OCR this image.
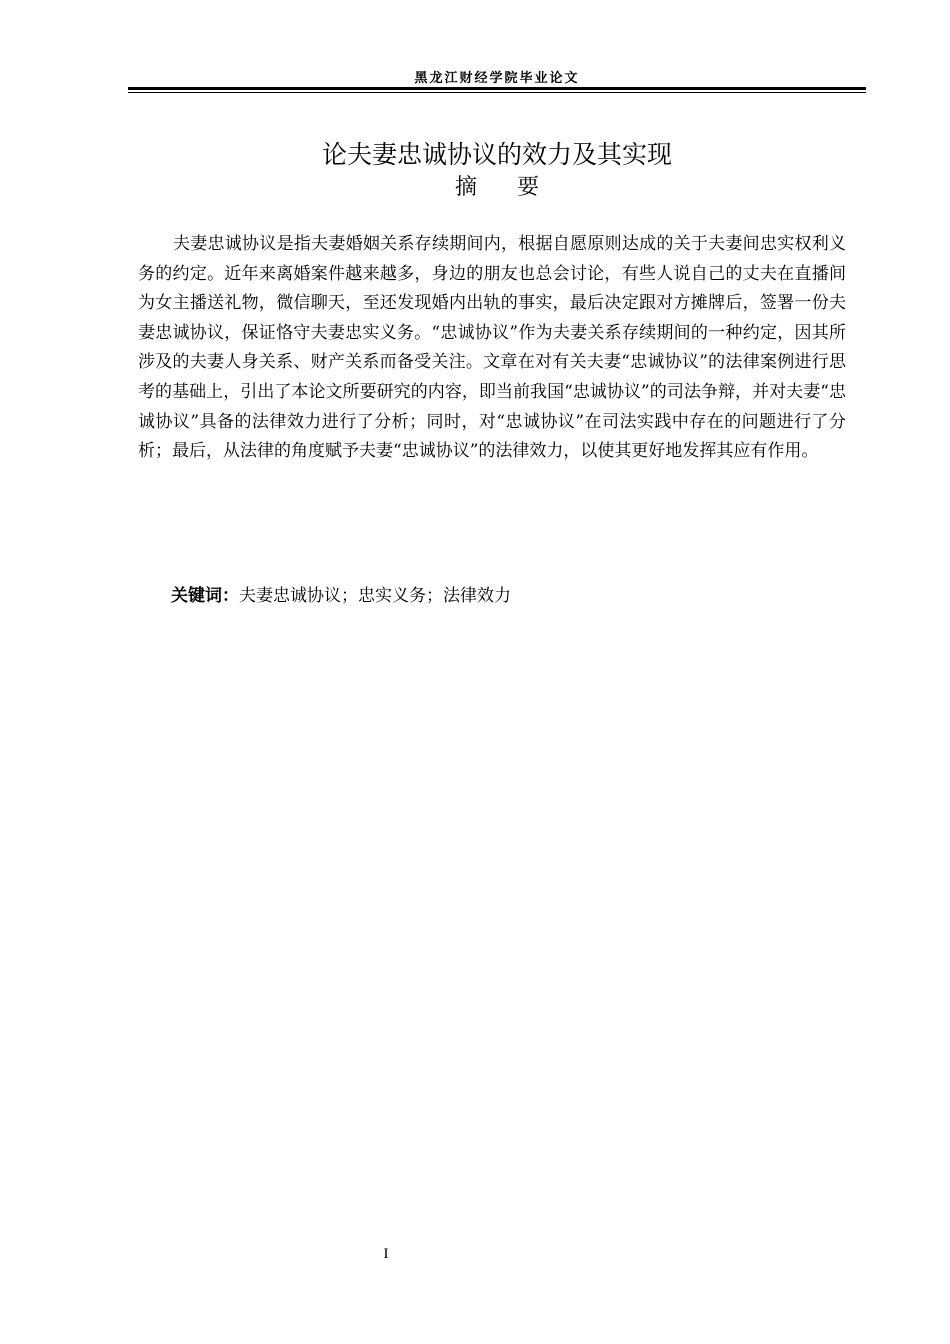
黑龙江财经学院毕业论文
论夫妻忠诚协议的效力及其实现
摘要

夫妻忠诚协议是指夫妻婚姻关系存续期间内，根据自愿原则达成的关于夫妻间忠实权利义务的约定。近年来离婚案件越来越多，身边的朋友也总会讨论，有些人说自己的丈夫在直播间为女主播送礼物，微信聊天，至还发现婚内出轨的事实，最后决定跟对方摊牌后，签署一份夫妻忠诚协议，保证恪守夫妻忠实义务。“忠诚协议”作为夫妻关系存续期间的一种约定，因其所涉及的夫妻人身关系、财产关系而备受关注。文章在对有关夫妻“忠诚协议”的法律案例进行思考的基础上，引出了本论文所要研究的内容，即当前我国“忠诚协议”的司法争辩，并对夫妻“忠诚协议”具备的法律效力进行了分析；同时，对“忠诚协议”在司法实践中存在的问题进行了分析；最后，从法律的角度赋予夫妻“忠诚协议”的法律效力，以使其更好地发挥其应有作用。

关键词：夫妻忠诚协议；忠实义务；法律效力
I
